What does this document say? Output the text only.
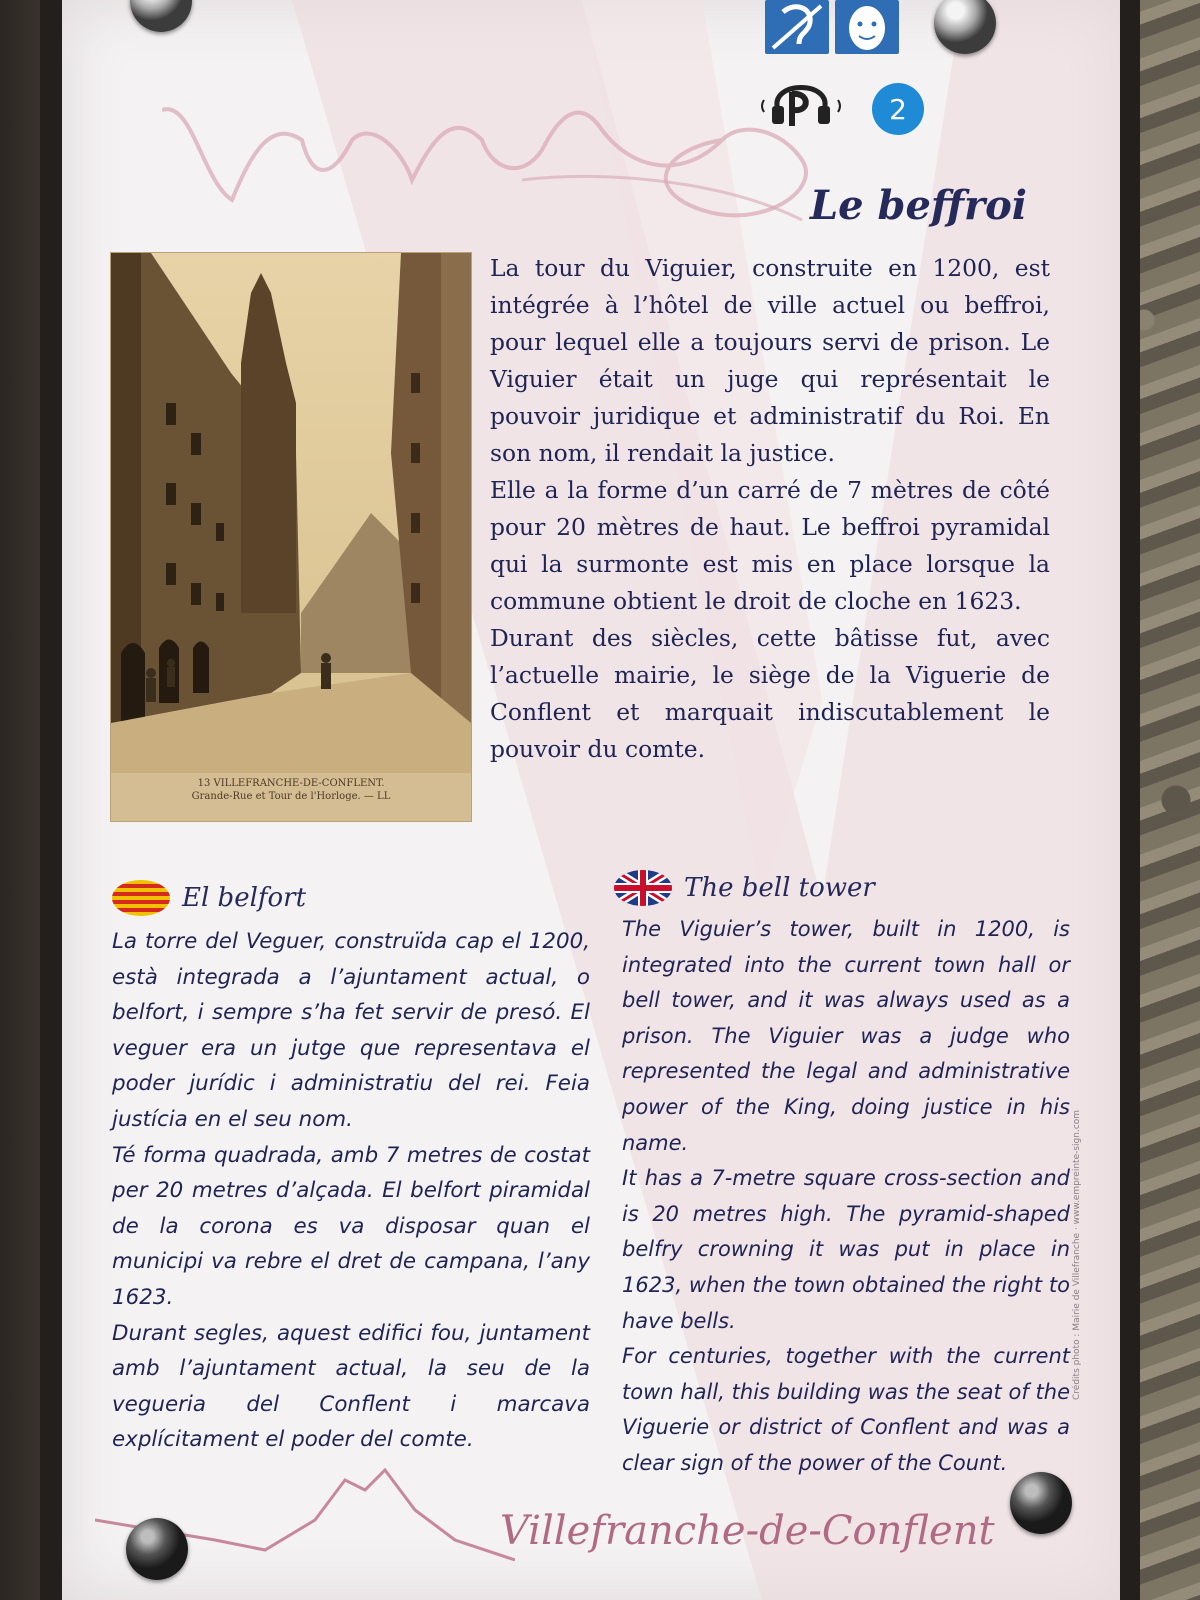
2
Le beffroi
13 VILLEFRANCHE-DE-CONFLENT.
Grande-Rue et Tour de l'Horloge. — LL
La tour du Viguier, construite en 1200, est intégrée à l’hôtel de ville actuel ou beffroi, pour lequel elle a toujours servi de prison. Le Viguier était un juge qui représentait le pouvoir juridique et administratif du Roi. En son nom, il rendait la justice.
Elle a la forme d’un carré de 7 mètres de côté pour 20 mètres de haut. Le beffroi pyramidal qui la surmonte est mis en place lorsque la commune obtient le droit de cloche en 1623.
Durant des siècles, cette bâtisse fut, avec l’actuelle mairie, le siège de la Viguerie de Conflent et marquait indiscutablement le pouvoir du comte.
El belfort
La torre del Veguer, construïda cap el 1200, està integrada a l’ajuntament actual, o belfort, i sempre s’ha fet servir de presó. El veguer era un jutge que representava el poder jurídic i administratiu del rei. Feia justícia en el seu nom.
Té forma quadrada, amb 7 metres de costat per 20 metres d’alçada. El belfort piramidal de la corona es va disposar quan el municipi va rebre el dret de campana, l’any 1623.
Durant segles, aquest edifici fou, juntament amb l’ajuntament actual, la seu de la vegueria del Conflent i marcava explícitament el poder del comte.
The bell tower
The Viguier’s tower, built in 1200, is integrated into the current town hall or bell tower, and it was always used as a prison. The Viguier was a judge who represented the legal and administrative power of the King, doing justice in his name.
It has a 7-metre square cross-section and is 20 metres high. The pyramid-shaped belfry crowning it was put in place in 1623, when the town obtained the right to have bells.
For centuries, together with the current town hall, this building was the seat of the Viguerie or district of Conflent and was a clear sign of the power of the Count.
Crédits photo : Mairie de Villefranche · www.empreinte-sign.com
Villefranche-de-Conflent
